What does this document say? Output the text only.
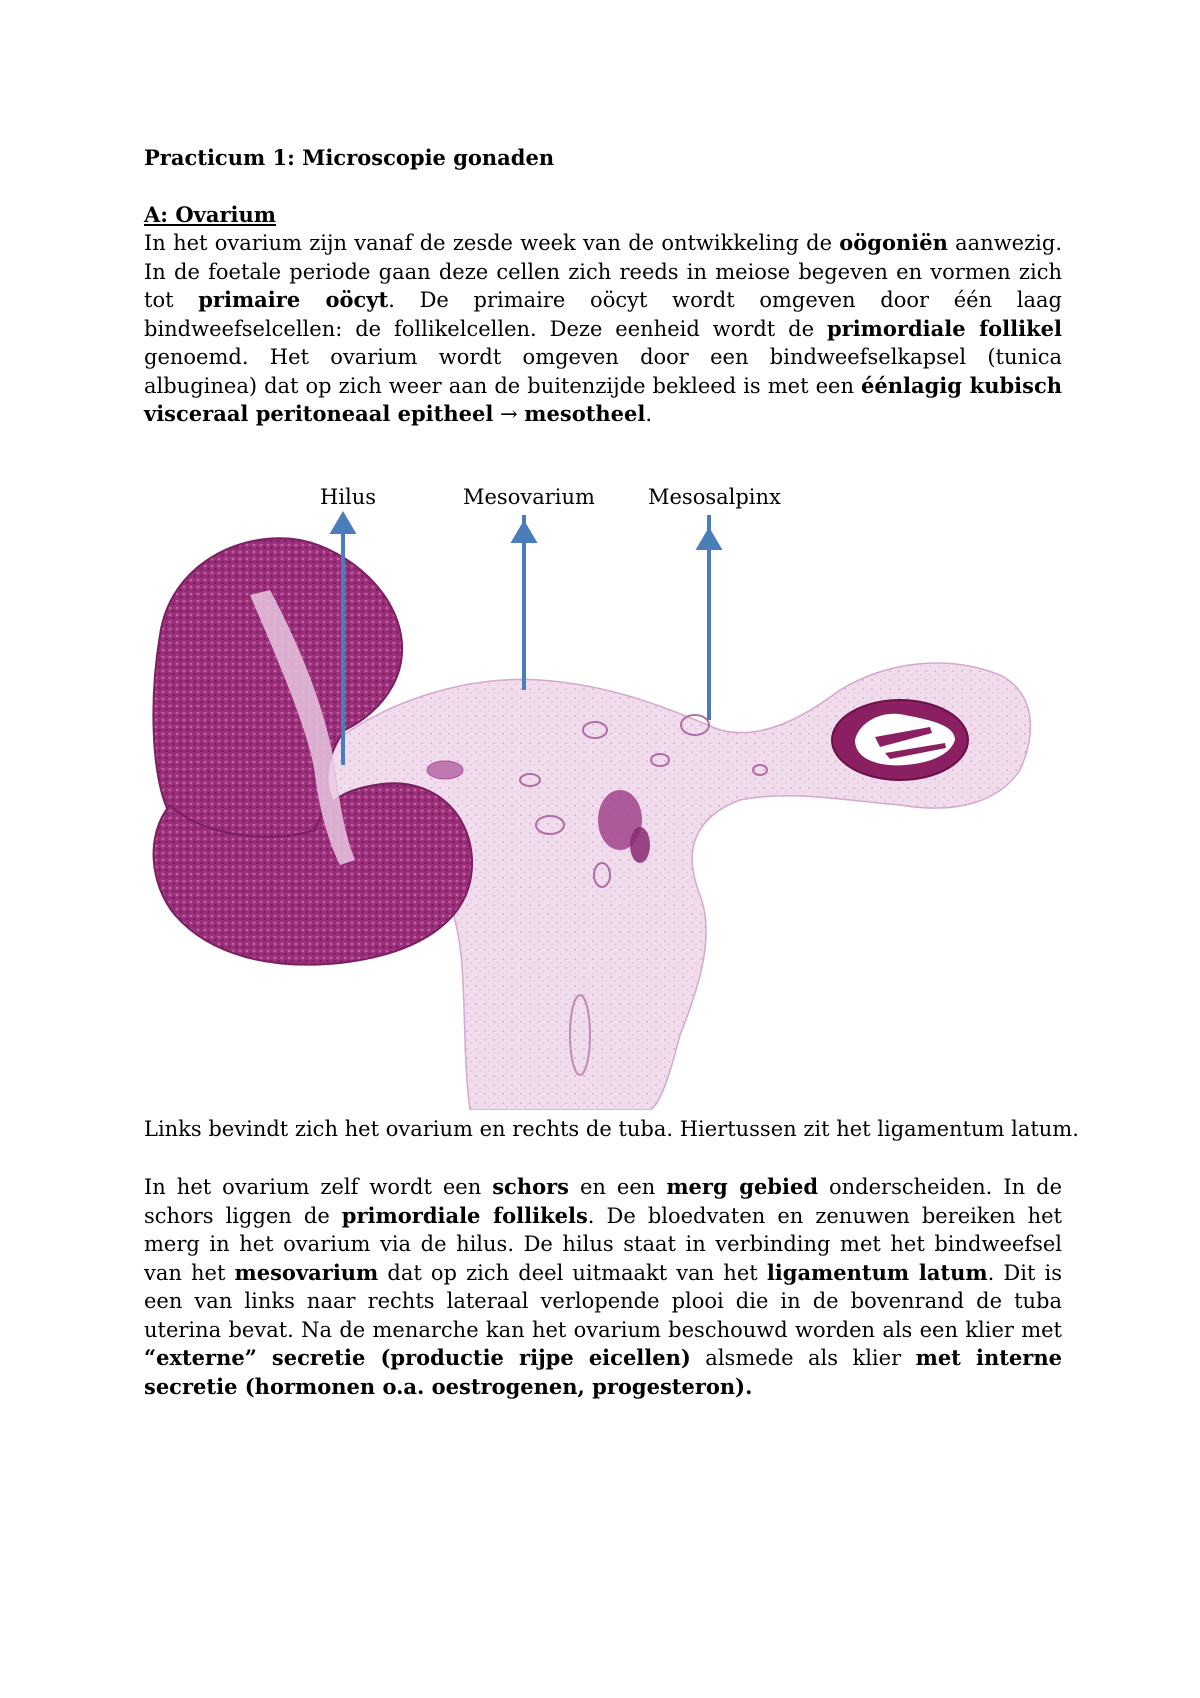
Practicum 1: Microscopie gonaden
A: Ovarium

In het ovarium zijn vanaf de zesde week van de ontwikkeling de oögoniën aanwezig. In de foetale periode gaan deze cellen zich reeds in meiose begeven en vormen zich tot primaire oöcyt. De primaire oöcyt wordt omgeven door één laag bindweefselcellen: de follikelcellen. Deze eenheid wordt de primordiale follikel genoemd. Het ovarium wordt omgeven door een bindweefselkapsel (tunica albuginea) dat op zich weer aan de buitenzijde bekleed is met een éénlagig kubisch visceraal peritoneaal epitheel → mesotheel.

Hilus	Mesovarium	Mesosalpinx

Links bevindt zich het ovarium en rechts de tuba. Hiertussen zit het ligamentum latum.

In het ovarium zelf wordt een schors en een merg gebied onderscheiden. In de schors liggen de primordiale follikels. De bloedvaten en zenuwen bereiken het merg in het ovarium via de hilus. De hilus staat in verbinding met het bindweefsel van het mesovarium dat op zich deel uitmaakt van het ligamentum latum. Dit is een van links naar rechts lateraal verlopende plooi die in de bovenrand de tuba uterina bevat. Na de menarche kan het ovarium beschouwd worden als een klier met “externe” secretie (productie rijpe eicellen) alsmede als klier met interne secretie (hormonen o.a. oestrogenen, progesteron).
